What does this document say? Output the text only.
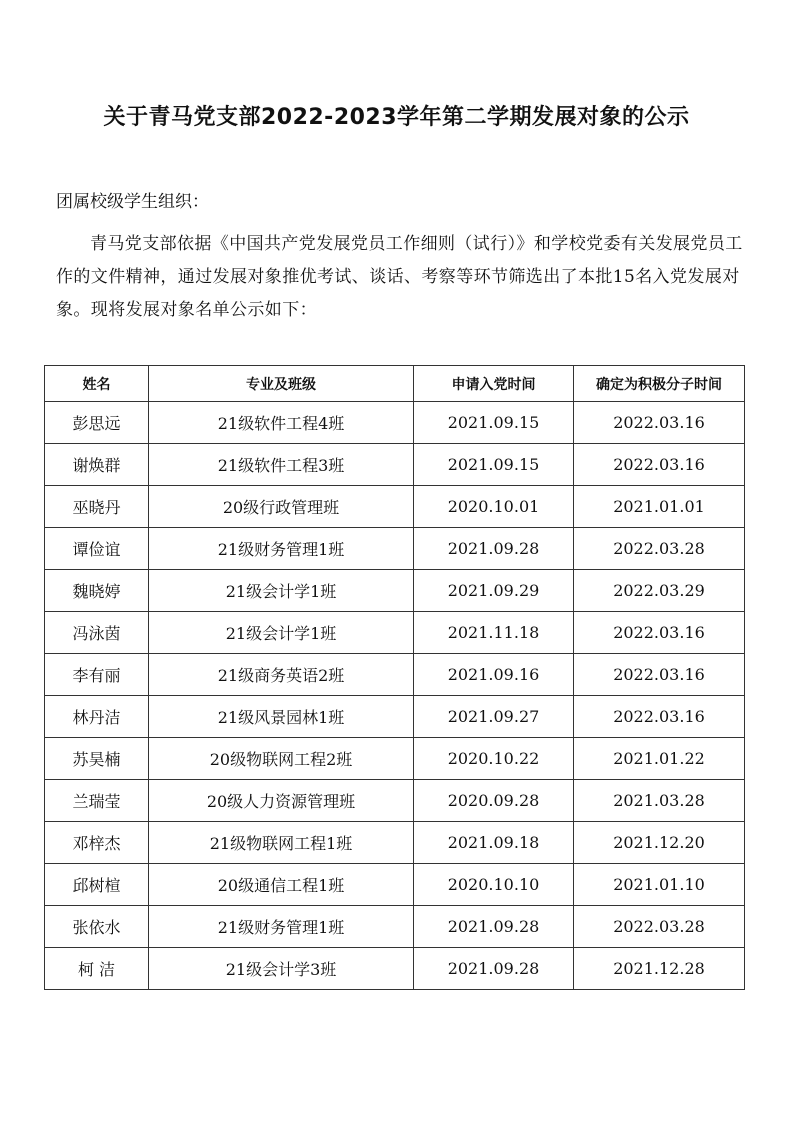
关于青马党支部2022-2023学年第二学期发展对象的公示
团属校级学生组织：
青马党支部依据《中国共产党发展党员工作细则（试行）》和学校党委有关发展党员工作的文件精神，通过发展对象推优考试、谈话、考察等环节筛选出了本批15名入党发展对象。现将发展对象名单公示如下：
姓名	专业及班级	申请入党时间	确定为积极分子时间
彭思远	21级软件工程4班	2021.09.15	2022.03.16
谢焕群	21级软件工程3班	2021.09.15	2022.03.16
巫晓丹	20级行政管理班	2020.10.01	2021.01.01
谭俭谊	21级财务管理1班	2021.09.28	2022.03.28
魏晓婷	21级会计学1班	2021.09.29	2022.03.29
冯泳茵	21级会计学1班	2021.11.18	2022.03.16
李有丽	21级商务英语2班	2021.09.16	2022.03.16
林丹洁	21级风景园林1班	2021.09.27	2022.03.16
苏昊楠	20级物联网工程2班	2020.10.22	2021.01.22
兰瑞莹	20级人力资源管理班	2020.09.28	2021.03.28
邓梓杰	21级物联网工程1班	2021.09.18	2021.12.20
邱树楦	20级通信工程1班	2020.10.10	2021.01.10
张依水	21级财务管理1班	2021.09.28	2022.03.28
柯 洁	21级会计学3班	2021.09.28	2021.12.28
